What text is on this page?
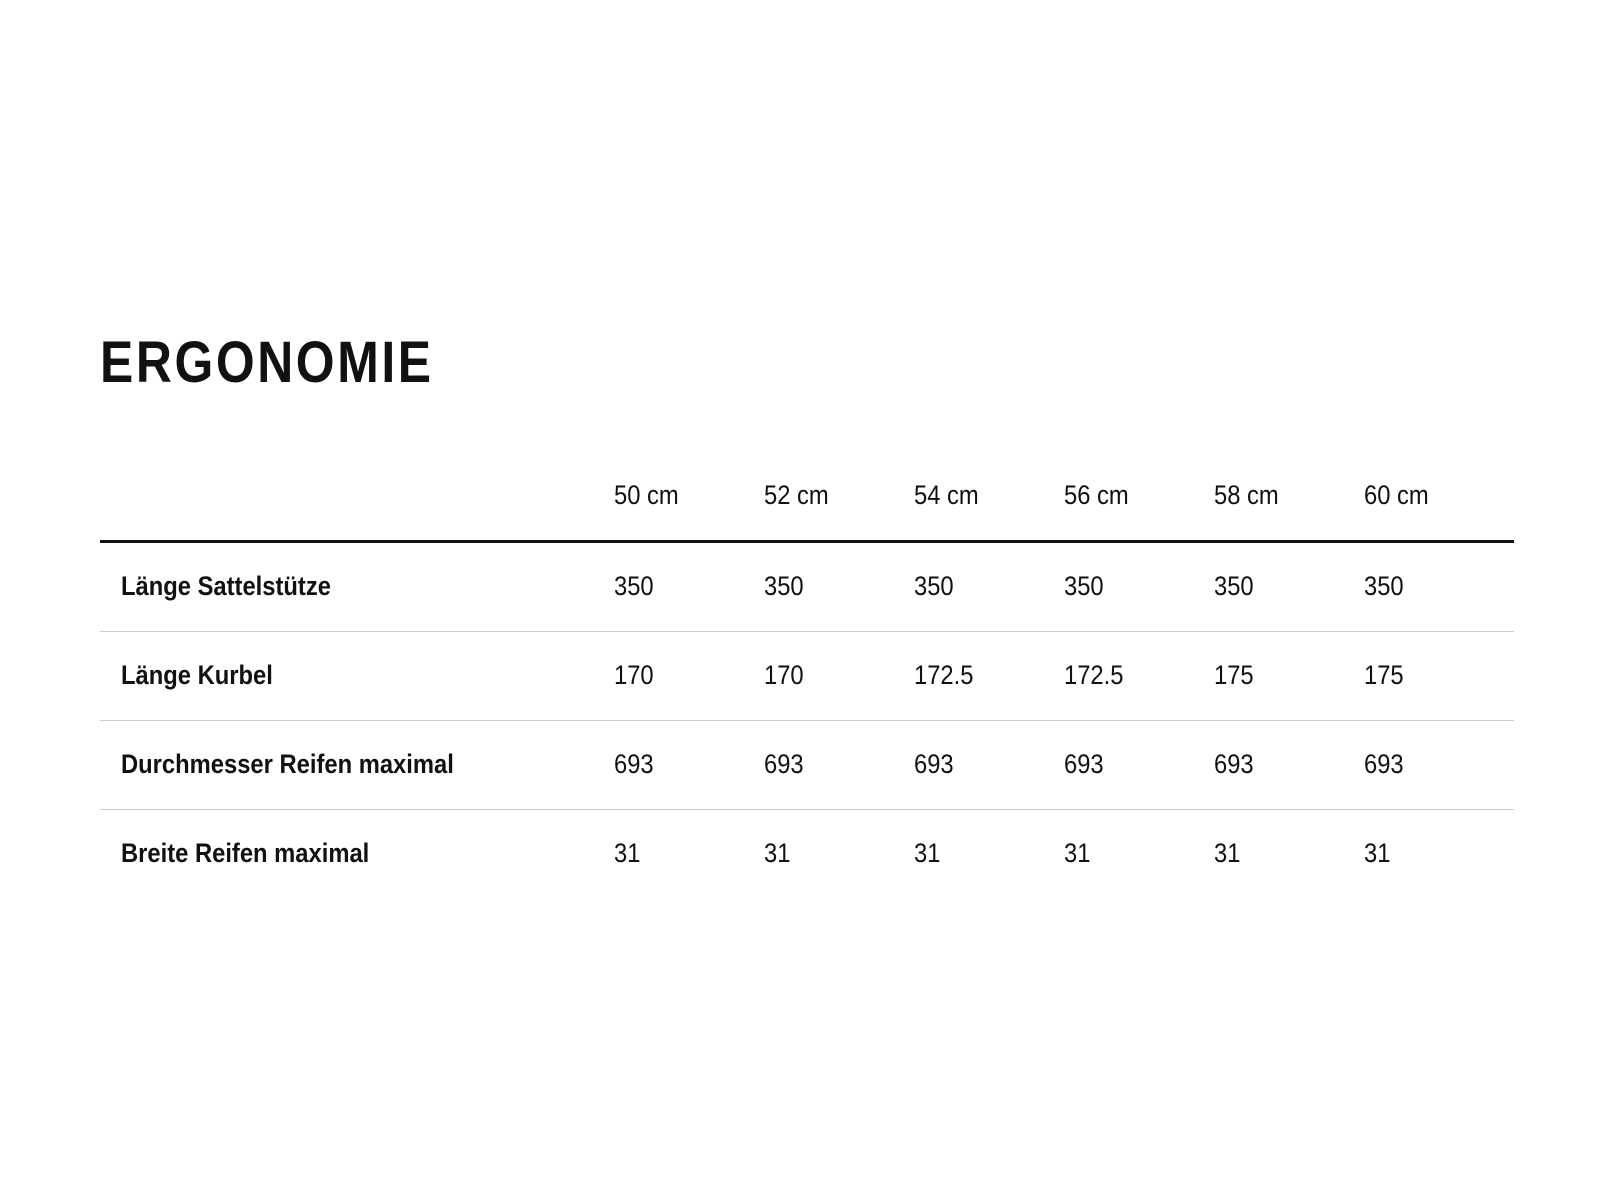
ERGONOMIE
	50 cm	52 cm	54 cm	56 cm	58 cm	60 cm
Länge Sattelstütze	350	350	350	350	350	350
Länge Kurbel	170	170	172.5	172.5	175	175
Durchmesser Reifen maximal	693	693	693	693	693	693
Breite Reifen maximal	31	31	31	31	31	31
